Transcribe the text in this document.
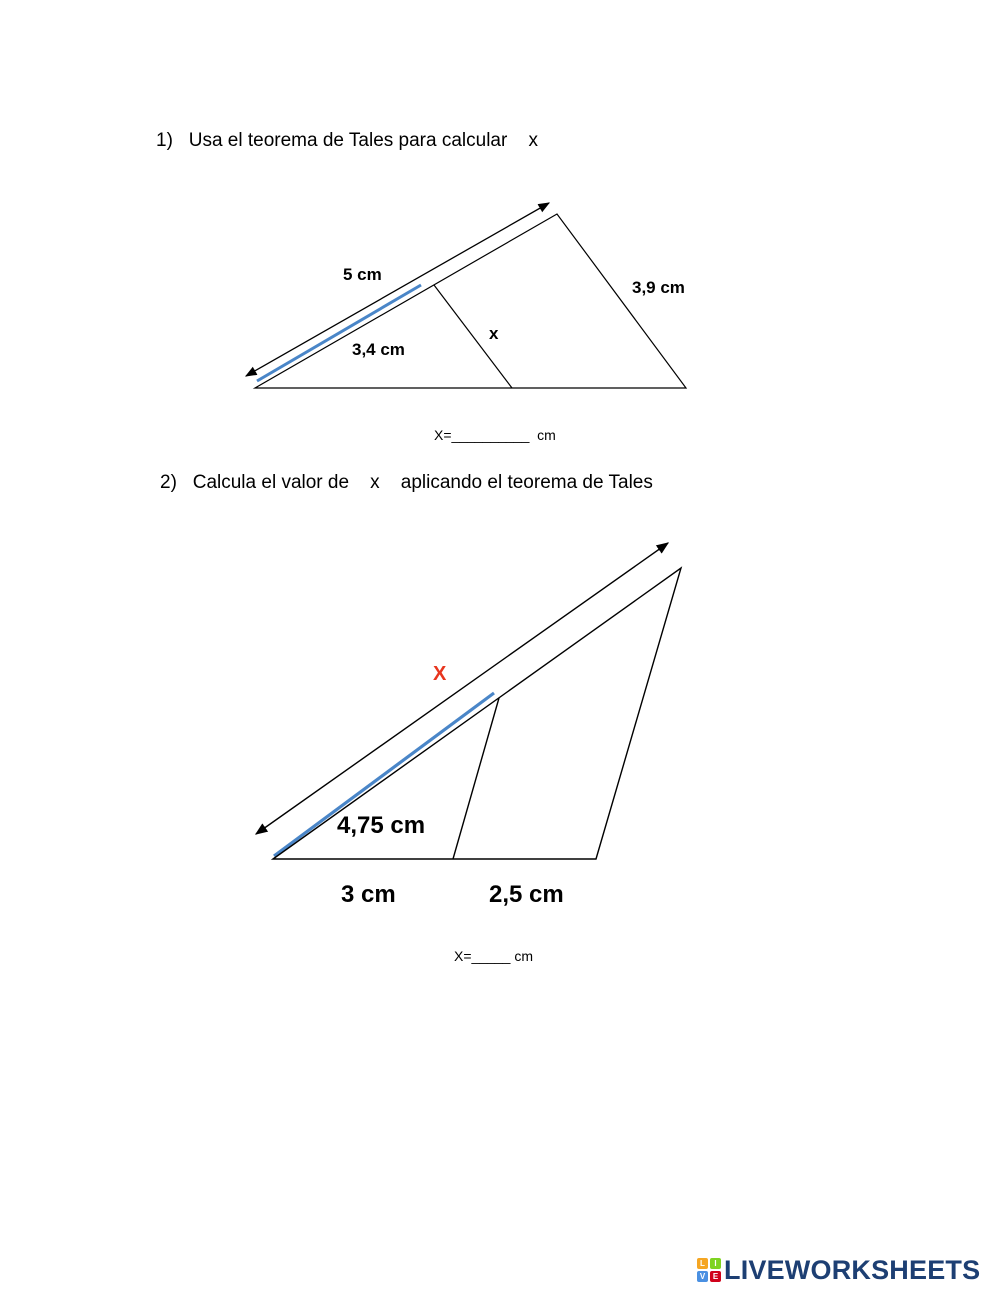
1)   Usa el teorema de Tales para calcular    x
5 cm
3,4 cm
x
3,9 cm
X
4,75 cm
3 cm	2,5 cm
X=__________  cm
2)   Calcula el valor de    x    aplicando el teorema de Tales
X=_____ cm
L	I
V E LIVEWORKSHEETS
